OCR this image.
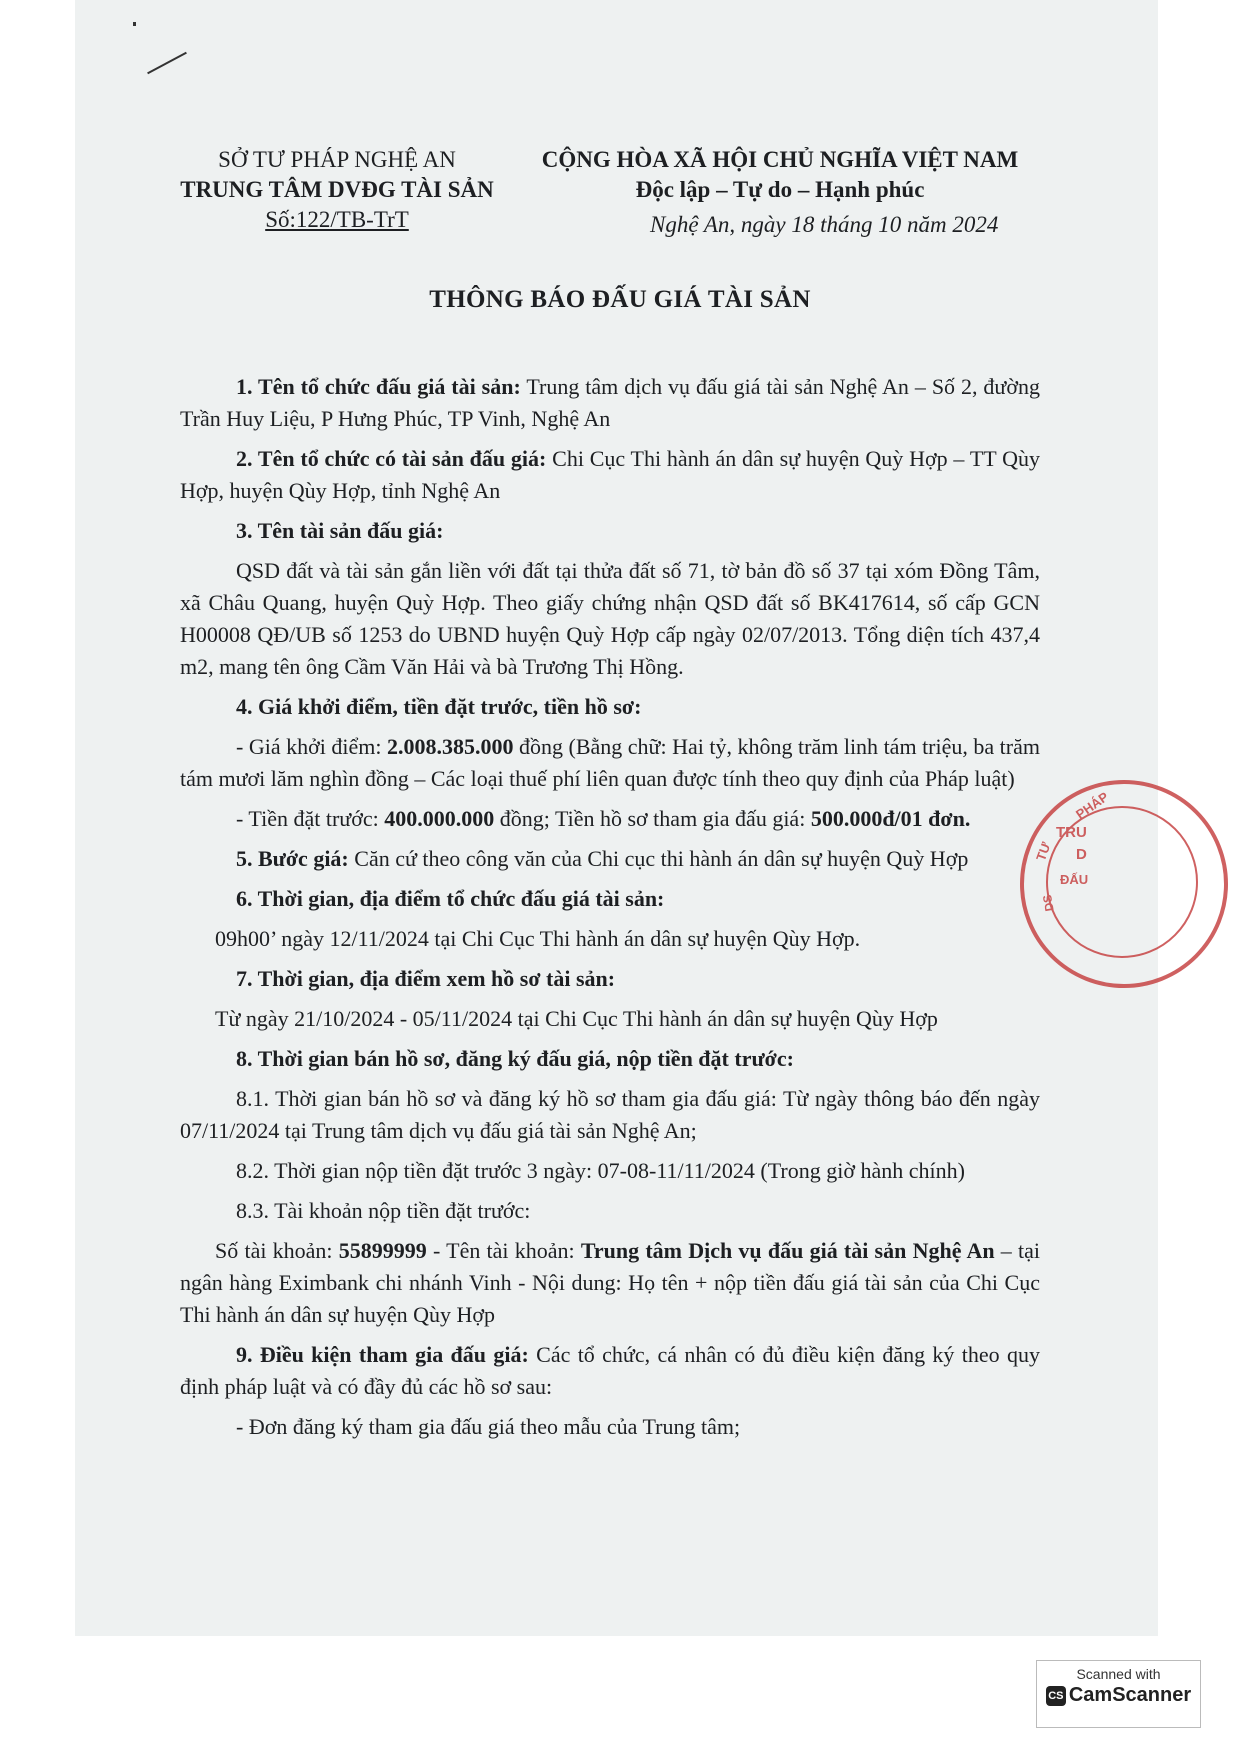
PHÁP
TƯ
TRU
D
ĐẤU
DS
SỞ TƯ PHÁP NGHỆ AN
TRUNG TÂM DVĐG TÀI SẢN
Số:122/TB-TrT
CỘNG HÒA XÃ HỘI CHỦ NGHĨA VIỆT NAM
Độc lập – Tự do – Hạnh phúc
Nghệ An, ngày 18 tháng 10 năm 2024
THÔNG BÁO ĐẤU GIÁ TÀI SẢN

1. Tên tổ chức đấu giá tài sản: Trung tâm dịch vụ đấu giá tài sản Nghệ An – Số 2, đường Trần Huy Liệu, P Hưng Phúc, TP Vinh, Nghệ An

2. Tên tổ chức có tài sản đấu giá: Chi Cục Thi hành án dân sự huyện Quỳ Hợp – TT Qùy Hợp, huyện Qùy Hợp, tỉnh Nghệ An

3. Tên tài sản đấu giá:

QSD đất và tài sản gắn liền với đất tại thửa đất số 71, tờ bản đồ số 37 tại xóm Đồng Tâm, xã Châu Quang, huyện Quỳ Hợp. Theo giấy chứng nhận QSD đất số BK417614, số cấp GCN H00008 QĐ/UB số 1253 do UBND huyện Quỳ Hợp cấp ngày 02/07/2013. Tổng diện tích 437,4 m2, mang tên ông Cầm Văn Hải và bà Trương Thị Hồng.

4. Giá khởi điểm, tiền đặt trước, tiền hồ sơ:

- Giá khởi điểm: 2.008.385.000 đồng (Bằng chữ: Hai tỷ, không trăm linh tám triệu, ba trăm tám mươi lăm nghìn đồng – Các loại thuế phí liên quan được tính theo quy định của Pháp luật)

- Tiền đặt trước: 400.000.000 đồng; Tiền hồ sơ tham gia đấu giá: 500.000đ/01 đơn.

5. Bước giá: Căn cứ theo công văn của Chi cục thi hành án dân sự huyện Quỳ Hợp

6. Thời gian, địa điểm tổ chức đấu giá tài sản:

09h00’ ngày 12/11/2024 tại Chi Cục Thi hành án dân sự huyện Qùy Hợp.

7. Thời gian, địa điểm xem hồ sơ tài sản:

Từ ngày 21/10/2024 - 05/11/2024 tại Chi Cục Thi hành án dân sự huyện Qùy Hợp

8. Thời gian bán hồ sơ, đăng ký đấu giá, nộp tiền đặt trước:

8.1. Thời gian bán hồ sơ và đăng ký hồ sơ tham gia đấu giá: Từ ngày thông báo đến ngày 07/11/2024 tại Trung tâm dịch vụ đấu giá tài sản Nghệ An;

8.2. Thời gian nộp tiền đặt trước 3 ngày: 07-08-11/11/2024 (Trong giờ hành chính)

8.3. Tài khoản nộp tiền đặt trước:

Số tài khoản: 55899999 - Tên tài khoản: Trung tâm Dịch vụ đấu giá tài sản Nghệ An – tại ngân hàng Eximbank chi nhánh Vinh - Nội dung: Họ tên + nộp tiền đấu giá tài sản của Chi Cục Thi hành án dân sự huyện Qùy Hợp

9. Điều kiện tham gia đấu giá: Các tổ chức, cá nhân có đủ điều kiện đăng ký theo quy định pháp luật và có đầy đủ các hồ sơ sau:

- Đơn đăng ký tham gia đấu giá theo mẫu của Trung tâm;

Scanned with
CS CamScanner
